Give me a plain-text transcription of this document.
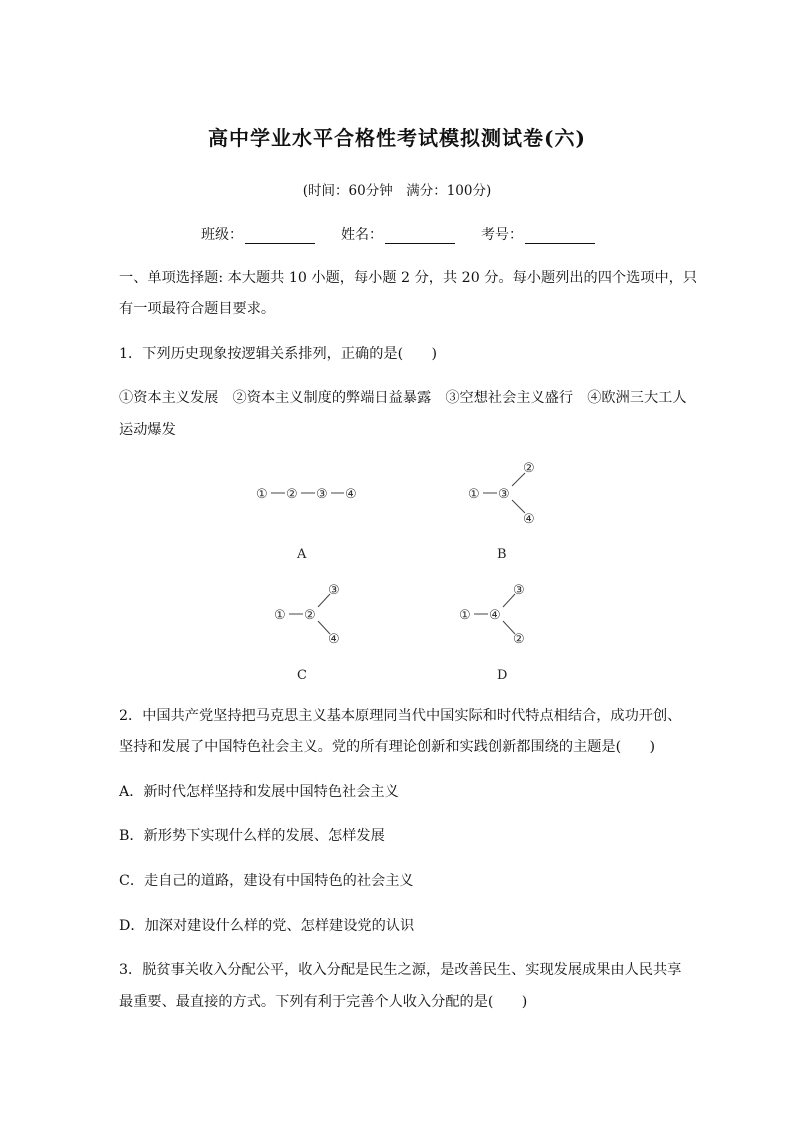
高中学业水平合格性考试模拟测试卷(六)
(时间：60分钟　满分：100分)
班级：	姓名：	考号：
一、单项选择题: 本大题共 10 小题，每小题 2 分，共 20 分。每小题列出的四个选项中，只
有一项最符合题目要求。
1．下列历史现象按逻辑关系排列，正确的是(　　)
①资本主义发展　②资本主义制度的弊端日益暴露　③空想社会主义盛行　④欧洲三大工人
运动爆发
① ② ③ ④
A
① ③
②
④
B
① ②
③
④
C
① ④
③
②
D
2．中国共产党坚持把马克思主义基本原理同当代中国实际和时代特点相结合，成功开创、
坚持和发展了中国特色社会主义。党的所有理论创新和实践创新都围绕的主题是(　　)
A．新时代怎样坚持和发展中国特色社会主义
B．新形势下实现什么样的发展、怎样发展
C．走自己的道路，建设有中国特色的社会主义
D．加深对建设什么样的党、怎样建设党的认识
3．脱贫事关收入分配公平，收入分配是民生之源，是改善民生、实现发展成果由人民共享
最重要、最直接的方式。下列有利于完善个人收入分配的是(　　)
